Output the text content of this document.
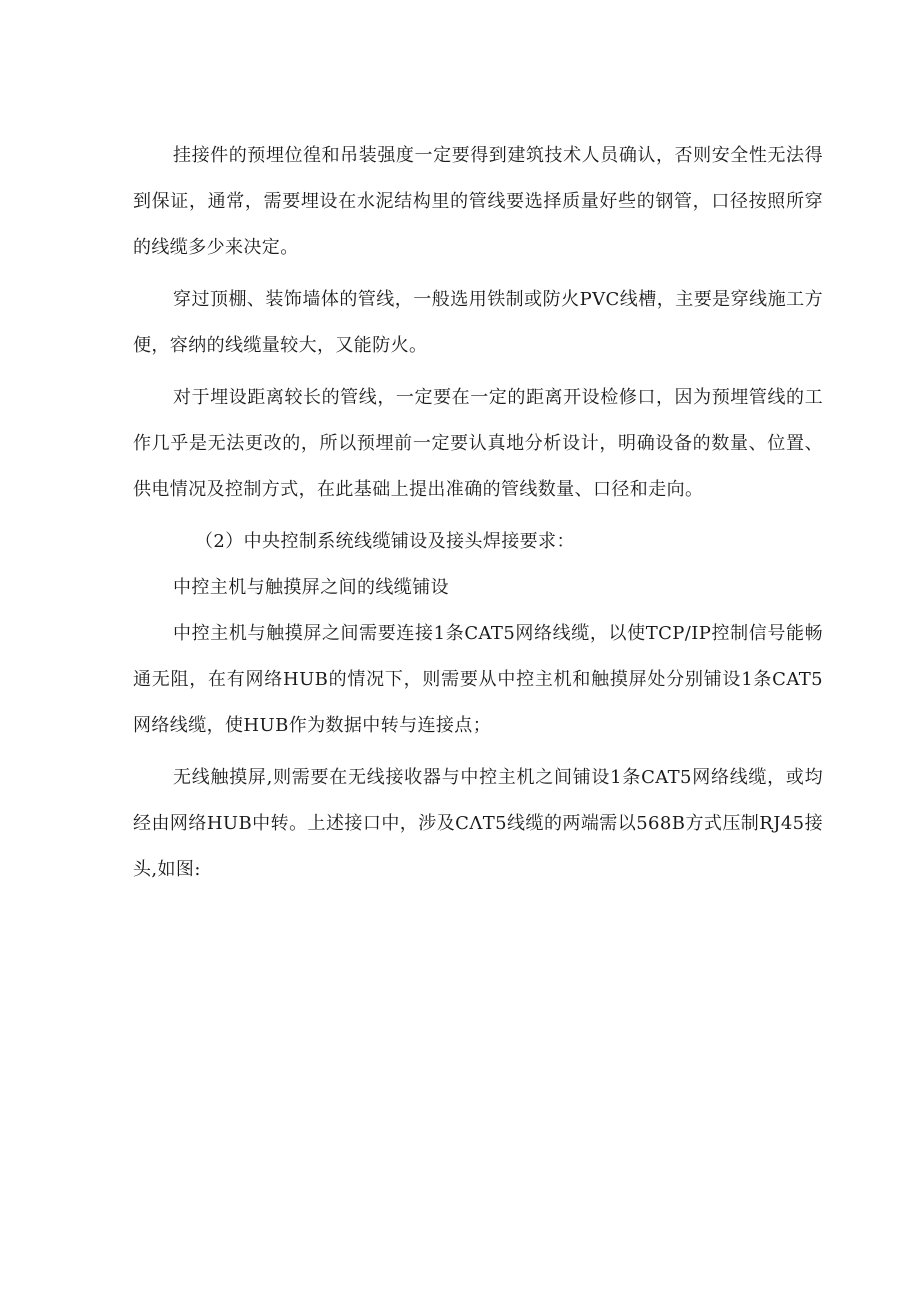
挂接件的预埋位徨和吊装强度一定要得到建筑技术人员确认，否则安全性无法得到保证，通常，需要埋设在水泥结构里的管线要选择质量好些的钢管，口径按照所穿的线缆多少来决定。

穿过顶棚、装饰墙体的管线，一般选用铁制或防火PVC线槽，主要是穿线施工方便，容纳的线缆量较大，又能防火。

对于埋设距离较长的管线，一定要在一定的距离开设检修口，因为预埋管线的工作几乎是无法更改的，所以预埋前一定要认真地分析设计，明确设备的数量、位置、供电情况及控制方式，在此基础上提出准确的管线数量、口径和走向。

（2）中央控制系统线缆铺设及接头焊接要求：

中控主机与触摸屏之间的线缆铺设

中控主机与触摸屏之间需要连接1条CAT5网络线缆，以使TCP/IP控制信号能畅通无阻，在有网络HUB的情况下，则需要从中控主机和触摸屏处分别铺设1条CAT5网络线缆，使HUB作为数据中转与连接点；

无线触摸屏,则需要在无线接收器与中控主机之间铺设1条CAT5网络线缆，或均经由网络HUB中转。上述接口中，涉及CΛT5线缆的两端需以568B方式压制RJ45接头,如图:
